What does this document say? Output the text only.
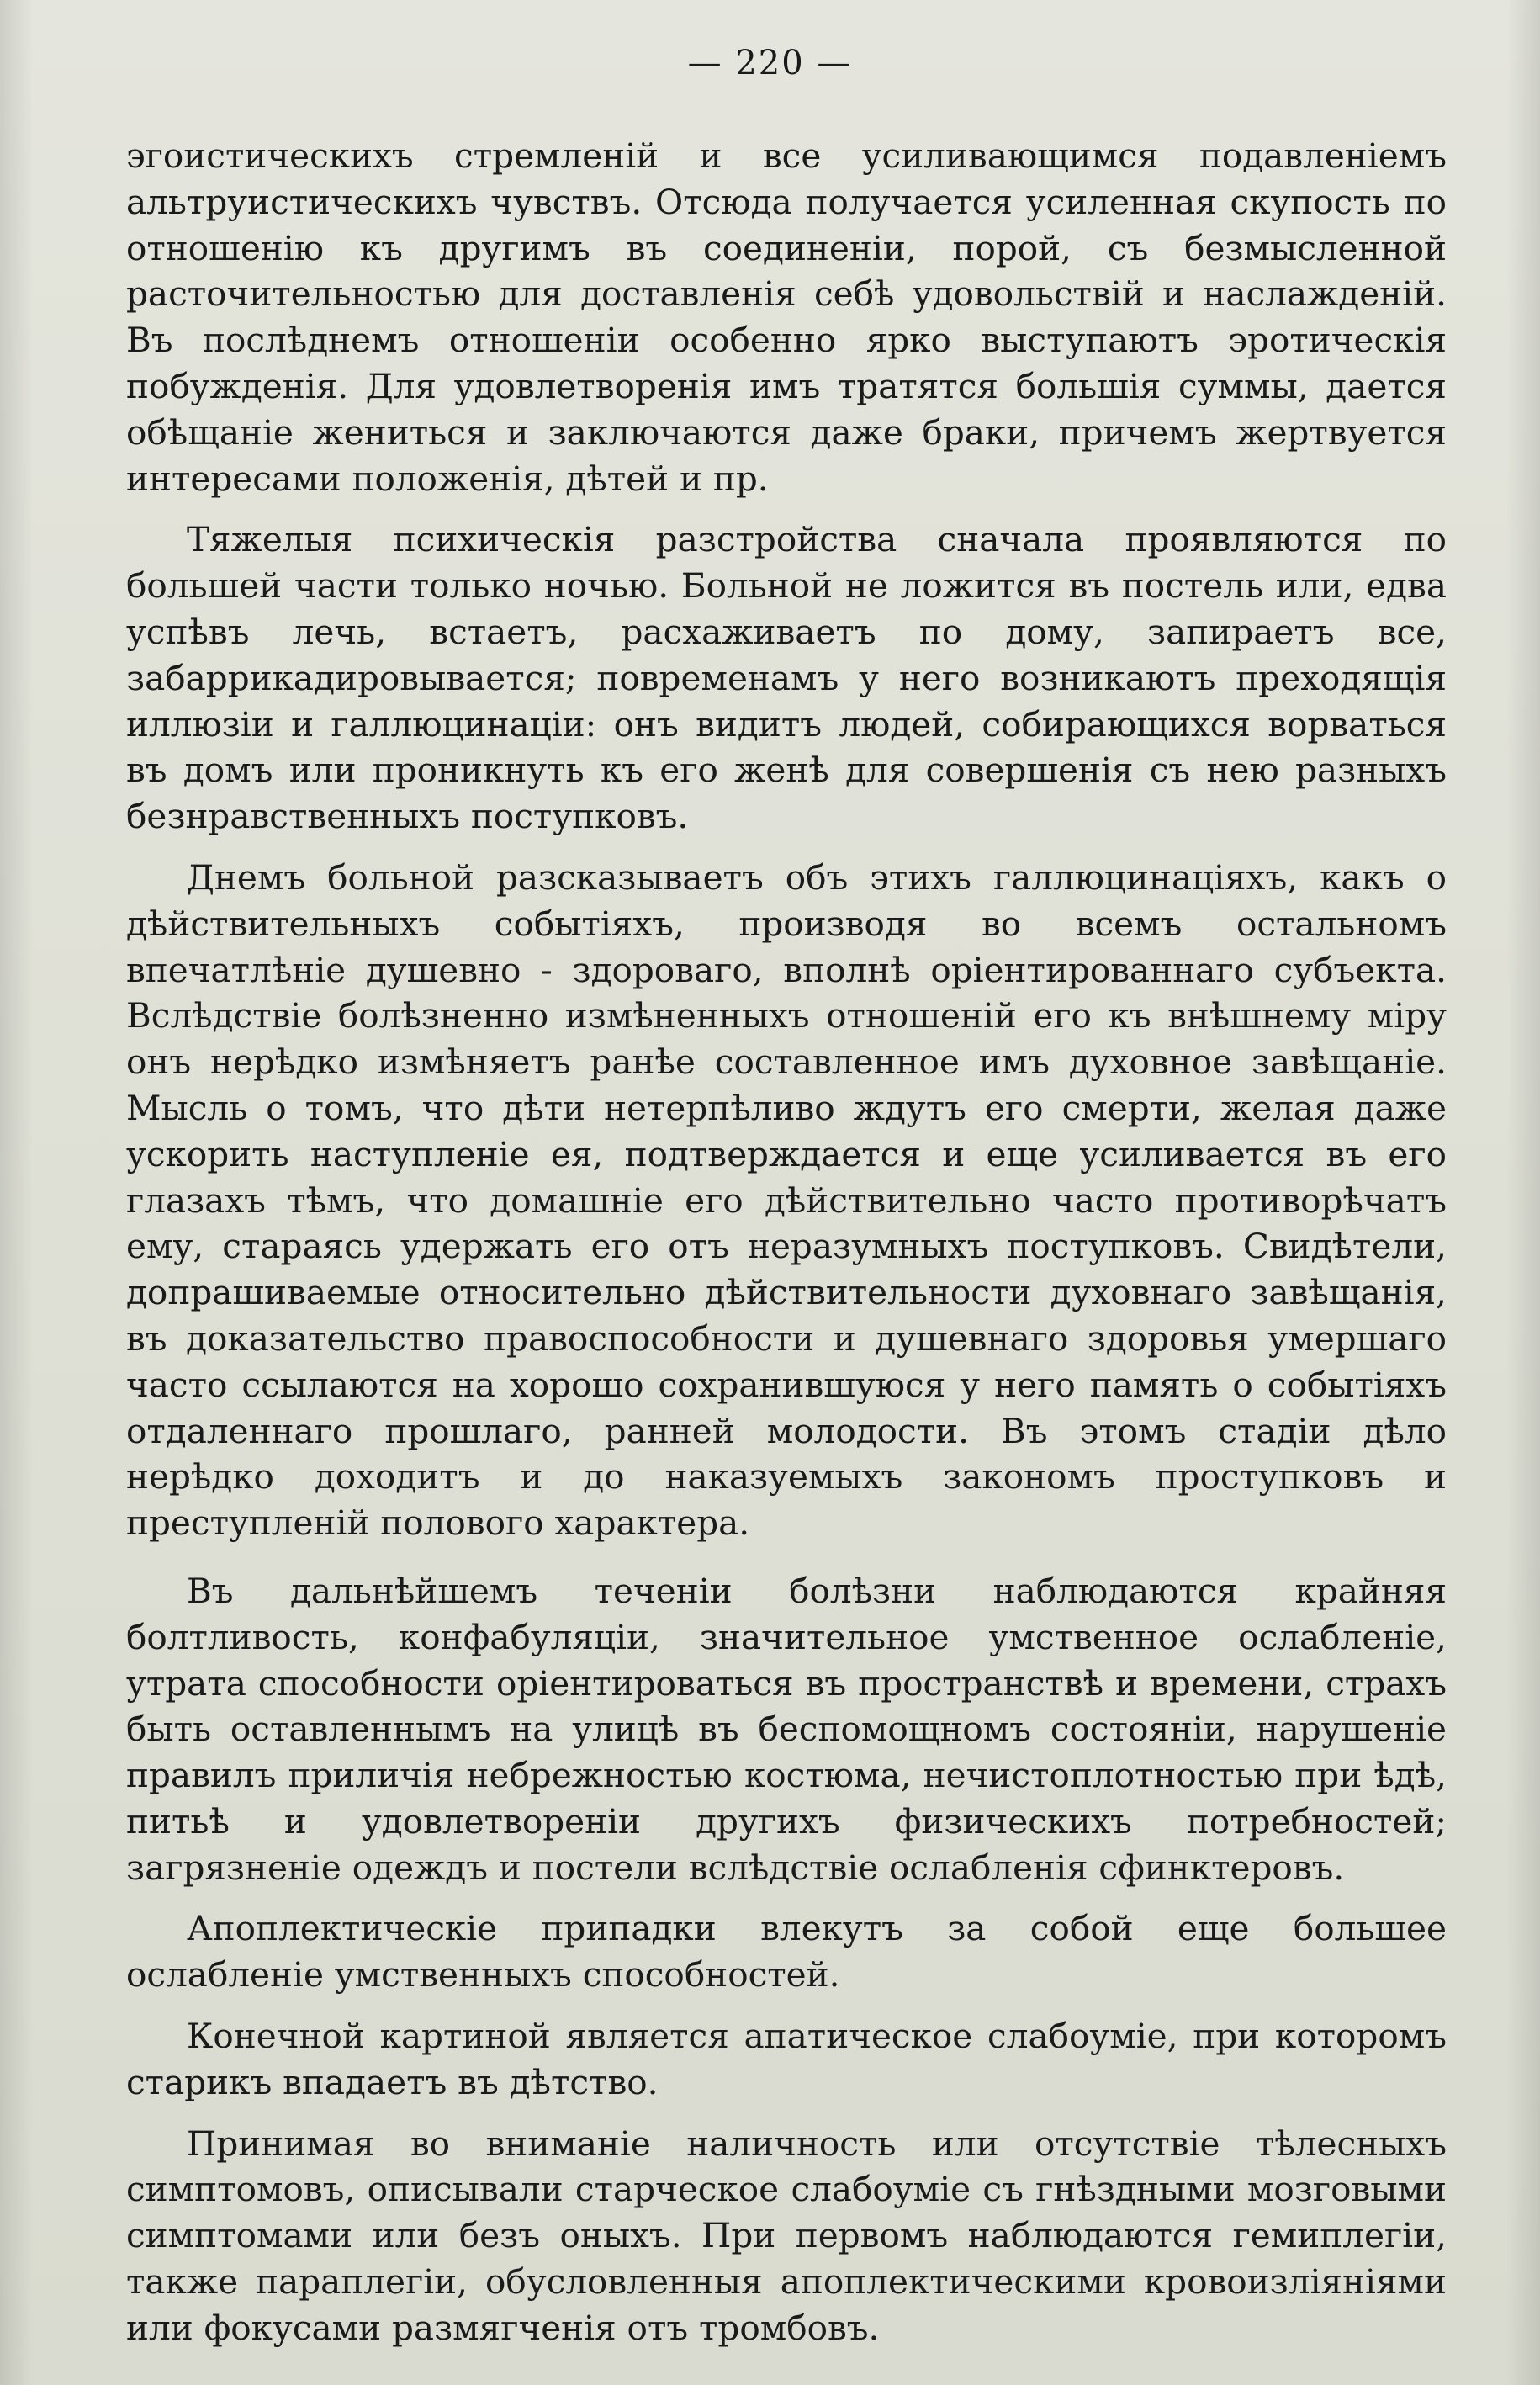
— 220 —

эгоистическихъ стремленій и все усиливающимся подавленіемъ альтруистическихъ чувствъ. Отсюда получается усиленная скупость по отношенію къ другимъ въ соединеніи, порой, съ безмысленной расточительностью для доставленія себѣ удовольствій и наслажденій. Въ послѣднемъ отношеніи особенно ярко выступаютъ эротическія побужденія. Для удовлетворенія имъ тратятся большія суммы, дается обѣщаніе жениться и заключаются даже браки, причемъ жертвуется интересами положенія, дѣтей и пр.

Тяжелыя психическія разстройства сначала проявляются по большей части только ночью. Больной не ложится въ постель или, едва успѣвъ лечь, встаетъ, расхаживаетъ по дому, запираетъ все, забаррикадировывается; повременамъ у него возникаютъ преходящія иллюзіи и галлюцинаціи: онъ видитъ людей, собирающихся ворваться въ домъ или проникнуть къ его женѣ для совершенія съ нею разныхъ безнравственныхъ поступковъ.

Днемъ больной разсказываетъ объ этихъ галлюцинаціяхъ, какъ о дѣйствительныхъ событіяхъ, производя во всемъ остальномъ впечатлѣніе душевно - здороваго, вполнѣ оріентированнаго субъекта. Вслѣдствіе болѣзненно измѣненныхъ отношеній его къ внѣшнему міру онъ нерѣдко измѣняетъ ранѣе составленное имъ духовное завѣщаніе. Мысль о томъ, что дѣти нетерпѣливо ждутъ его смерти, желая даже ускорить наступленіе ея, подтверждается и еще усиливается въ его глазахъ тѣмъ, что домашніе его дѣйствительно часто противорѣчатъ ему, стараясь удержать его отъ неразумныхъ поступковъ. Свидѣтели, допрашиваемые относительно дѣйствительности духовнаго завѣщанія, въ доказательство правоспособности и душевнаго здоровья умершаго часто ссылаются на хорошо сохранившуюся у него память о событіяхъ отдаленнаго прошлаго, ранней молодости. Въ этомъ стадіи дѣло нерѣдко доходитъ и до наказуемыхъ закономъ проступковъ и преступленій полового характера.

Въ дальнѣйшемъ теченіи болѣзни наблюдаются крайняя болтливость, конфабуляціи, значительное умственное ослабленіе, утрата способности оріентироваться въ пространствѣ и времени, страхъ быть оставленнымъ на улицѣ въ беспомощномъ состояніи, нарушеніе правилъ приличія небрежностью костюма, нечистоплотностью при ѣдѣ, питьѣ и удовлетвореніи другихъ физическихъ потребностей; загрязненіе одеждъ и постели вслѣдствіе ослабленія сфинктеровъ.

Апоплектическіе припадки влекутъ за собой еще большее ослабленіе умственныхъ способностей.

Конечной картиной является апатическое слабоуміе, при которомъ старикъ впадаетъ въ дѣтство.

Принимая во вниманіе наличность или отсутствіе тѣлесныхъ симптомовъ, описывали старческое слабоуміе съ гнѣздными мозговыми симптомами или безъ оныхъ. При первомъ наблюдаются гемиплегіи, также параплегіи, обусловленныя апоплектическими кровоизліяніями или фокусами размягченія отъ тромбовъ.
